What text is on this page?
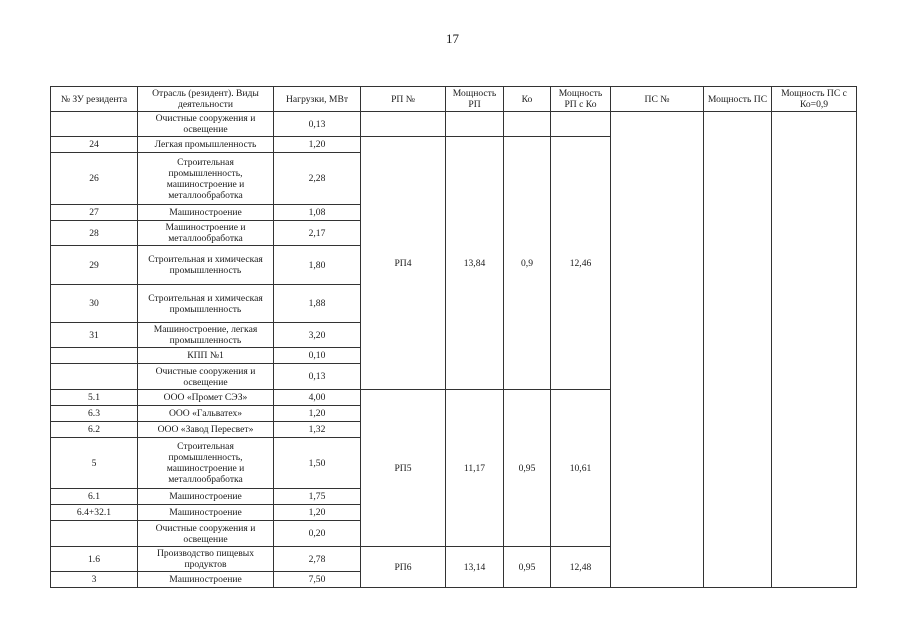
17
№ ЗУ резидента	Отрасль (резидент). Виды деятельности	Нагрузки, МВт	РП №	Мощность РП	Ко	Мощность РП с Ко	ПС №	Мощность ПС	Мощность ПС с Ко=0,9
	Очистные сооружения и освещение	0,13							
24	Легкая промышленность	1,20	РП4	13,84	0,9	12,46			
26	Строительная промышленность, машиностроение и металлообработка	2,28							
27	Машиностроение	1,08							
28	Машиностроение и металлообработка	2,17							
29	Строительная и химическая промышленность	1,80							
30	Строительная и химическая промышленность	1,88							
31	Машиностроение, легкая промышленность	3,20							
	КПП №1	0,10							
	Очистные сооружения и освещение	0,13							
5.1	ООО «Промет СЭЗ»	4,00	РП5	11,17	0,95	10,61			
6.3	ООО «Гальватех»	1,20							
6.2	ООО «Завод Пересвет»	1,32							
5	Строительная промышленность, машиностроение и металлообработка	1,50							
6.1	Машиностроение	1,75							
6.4+32.1	Машиностроение	1,20							
	Очистные сооружения и освещение	0,20							
1.6	Производство пищевых продуктов	2,78	РП6	13,14	0,95	12,48			
3	Машиностроение	7,50							
